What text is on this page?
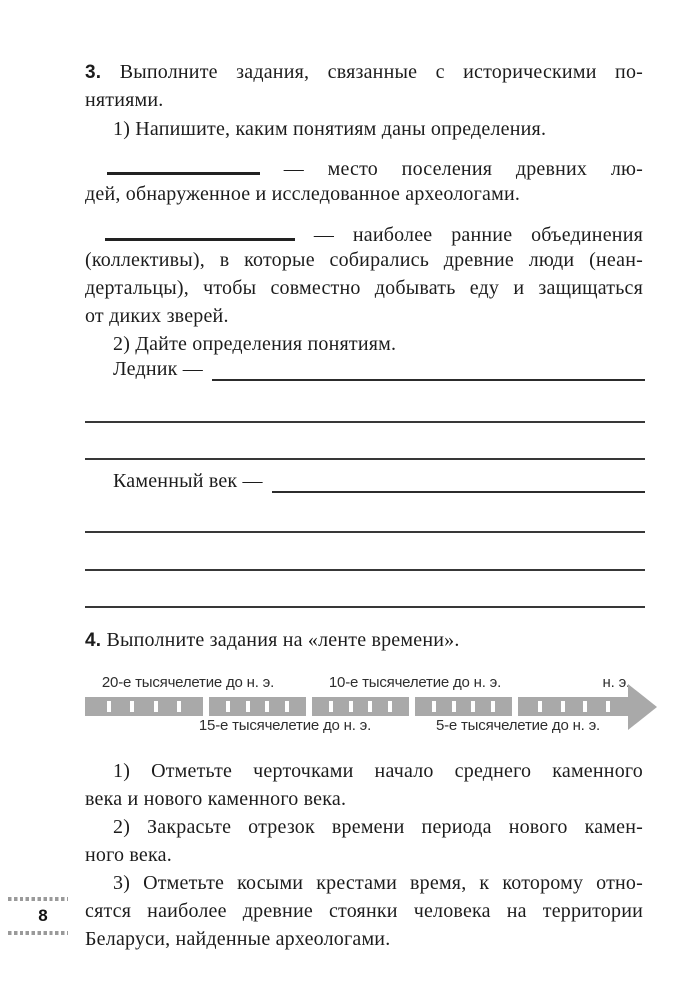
3. Выполните задания, связанные с историческими по-
нятиями.
1) Напишите, каким понятиям даны определения.
— место поселения древних лю-
дей, обнаруженное и исследованное археологами.
— наиболее ранние объединения
(коллективы), в которые собирались древние люди (неан-
дертальцы), чтобы совместно добывать еду и защищаться
от диких зверей.
2) Дайте определения понятиям.
Ледник —
Каменный век —
4. Выполните задания на «ленте времени».
20-е тысячелетие до н. э.	10-е тысячелетие до н. э.	н. э.
15-е тысячелетие до н. э.	5-е тысячелетие до н. э.
1) Отметьте черточками начало среднего каменного
века и нового каменного века.
2) Закрасьте отрезок времени периода нового камен-
ного века.
3) Отметьте косыми крестами время, к которому отно-
сятся наиболее древние стоянки человека на территории
Беларуси, найденные археологами.
8
